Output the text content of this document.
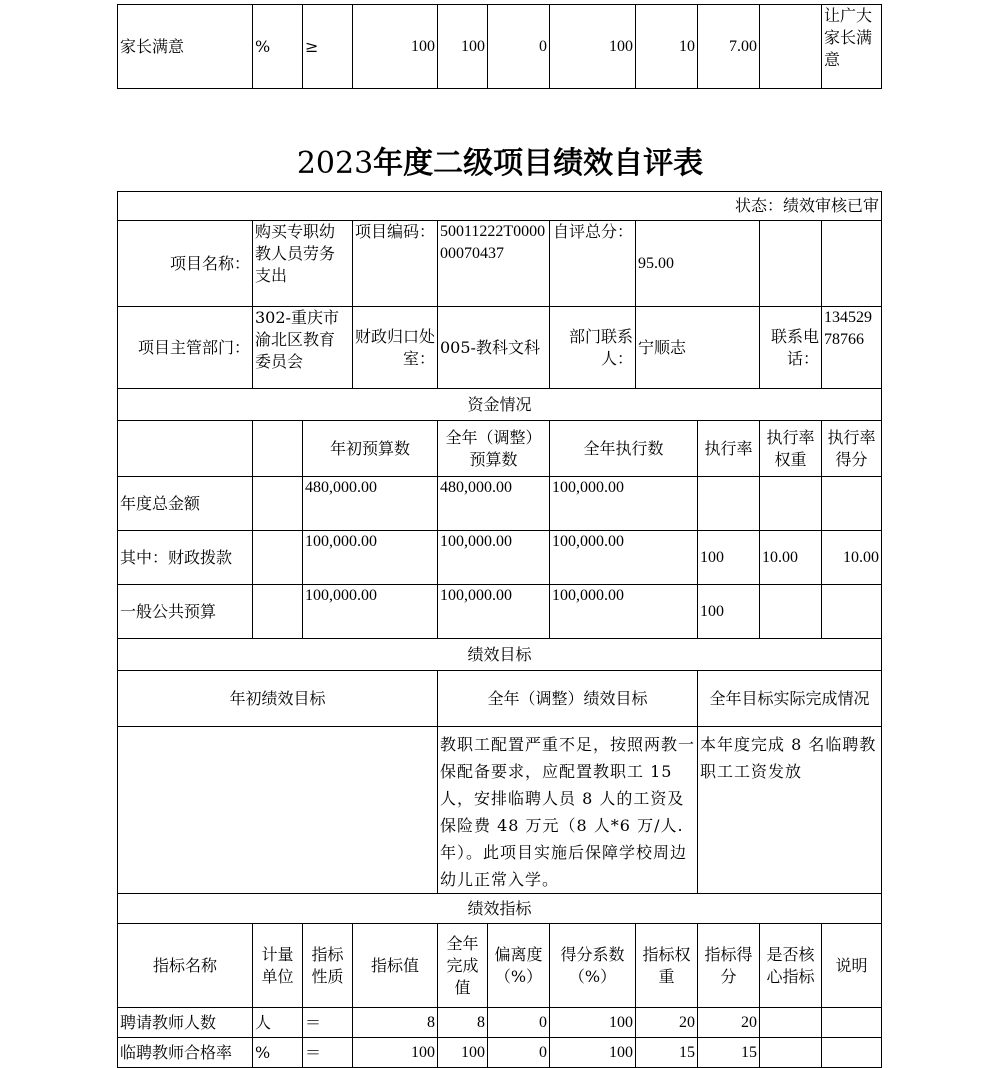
家长满意	%	≥	100	100	0	100	10	7.00		让广大家长满意
2023年度二级项目绩效自评表
状态：绩效审核已审										
项目名称：	购买专职幼教人员劳务支出		项目编码：	50011222T000000070437		自评总分：	95.00			
项目主管部门：	302-重庆市渝北区教育委员会		财政归口处室：	005-教科文科		部门联系人：	宁顺志		联系电话：	13452978766
资金情况										
		年初预算数		全年（调整）预算数		全年执行数		执行率	执行率权重	执行率得分
年度总金额		480,000.00		480,000.00		100,000.00				
其中：财政拨款		100,000.00		100,000.00		100,000.00		100	10.00	10.00
一般公共预算		100,000.00		100,000.00		100,000.00		100		
绩效目标										
年初绩效目标				全年（调整）绩效目标				全年目标实际完成情况		
				教职工配置严重不足，按照两教一保配备要求，应配置教职工 15 人，安排临聘人员 8 人的工资及保险费 48 万元（8 人*6 万/人.年）。此项目实施后保障学校周边幼儿正常入学。				本年度完成 8 名临聘教职工工资发放		
绩效指标										
指标名称	计量单位	指标性质	指标值	全年完成值	偏离度（%）	得分系数（%）	指标权重	指标得分	是否核心指标	说明
聘请教师人数	人	＝	8	8	0	100	20	20		
临聘教师合格率	%	＝	100	100	0	100	15	15		
